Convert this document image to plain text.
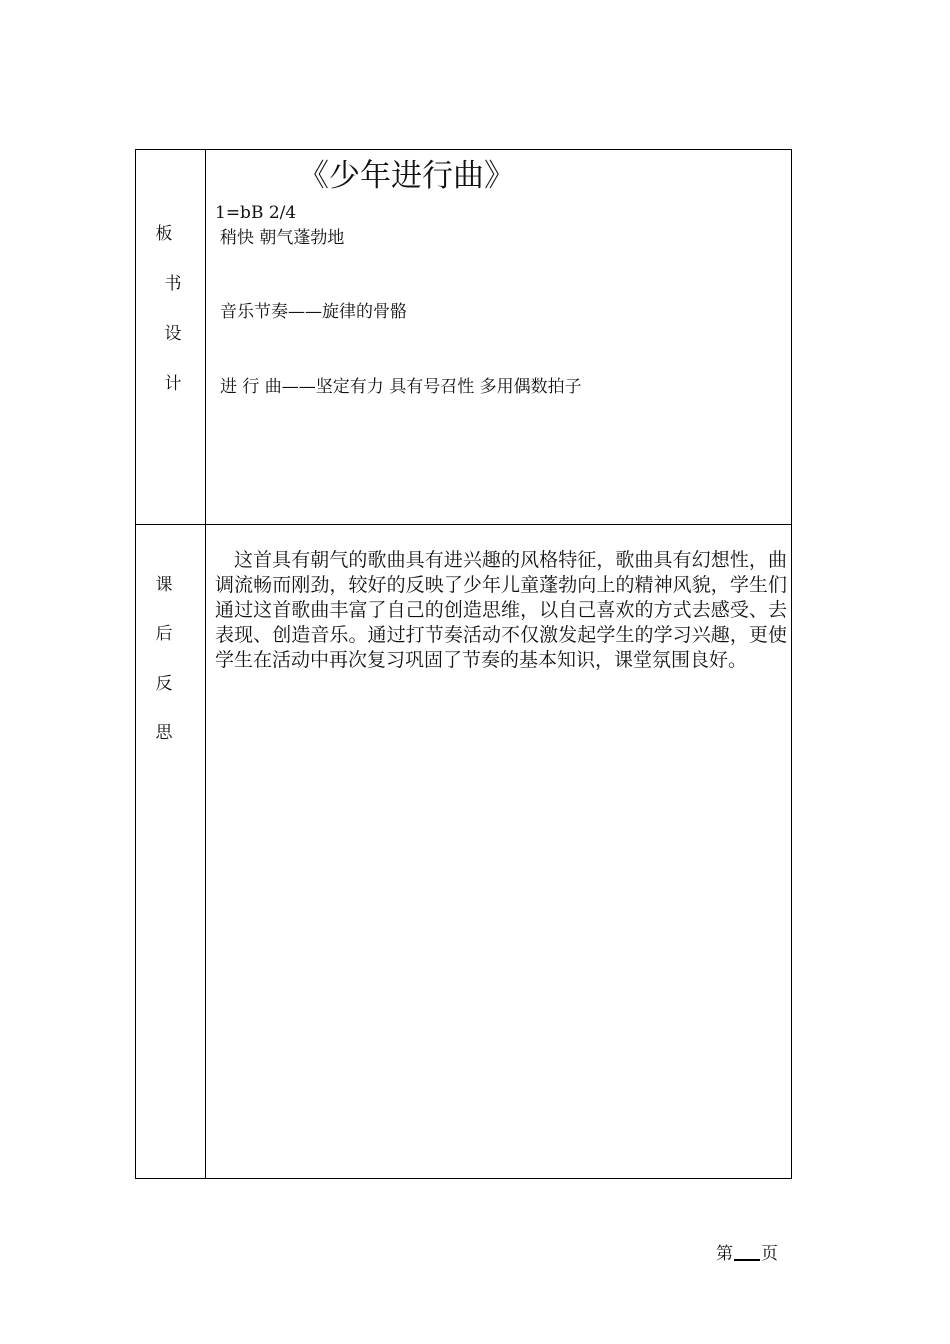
板
书
设
计
《少年进行曲》
1=bB 2/4
稍快 朝气蓬勃地
音乐节奏——旋律的骨骼
进 行 曲——坚定有力 具有号召性 多用偶数拍子
课
后
反
思
这首具有朝气的歌曲具有进兴趣的风格特征，歌曲具有幻想性，曲调流畅而刚劲，较好的反映了少年儿童蓬勃向上的精神风貌，学生们通过这首歌曲丰富了自己的创造思维，以自己喜欢的方式去感受、去表现、创造音乐。通过打节奏活动不仅激发起学生的学习兴趣，更使学生在活动中再次复习巩固了节奏的基本知识，课堂氛围良好。
第 页
